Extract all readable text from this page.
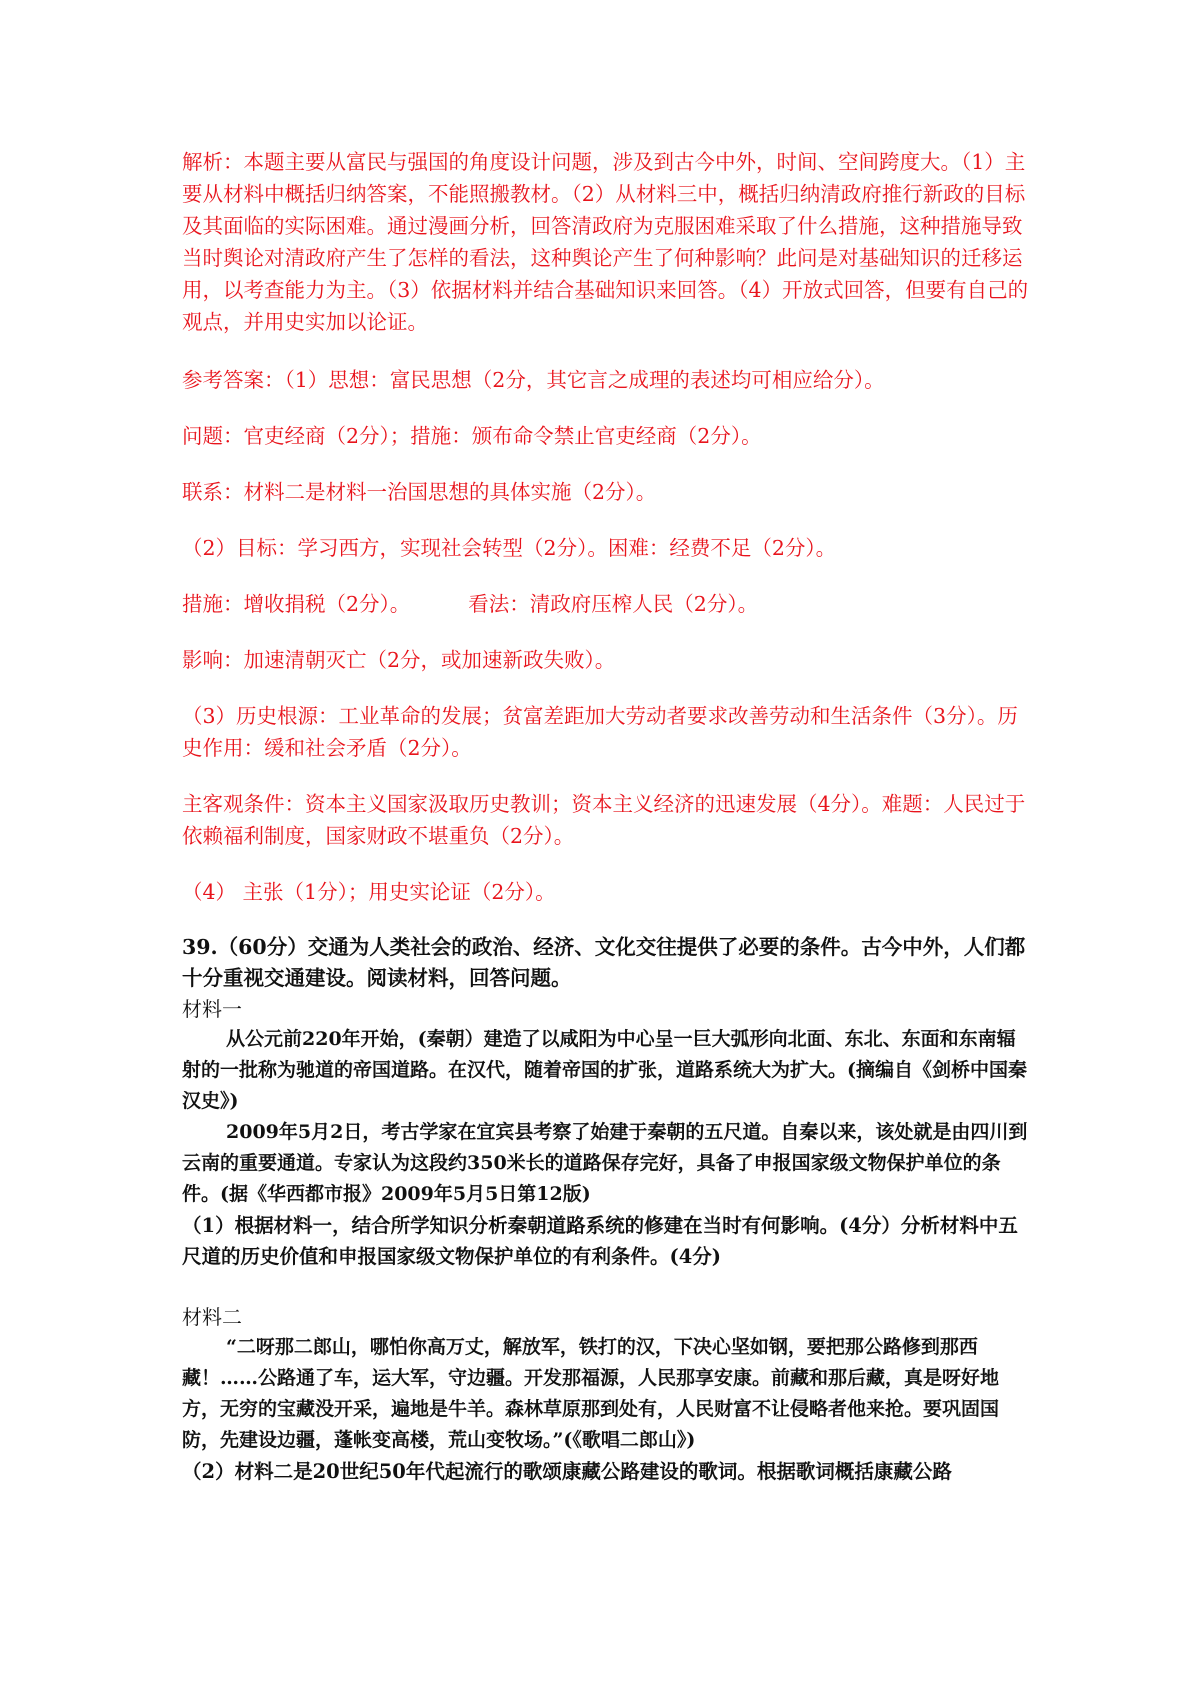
解析：本题主要从富民与强国的角度设计问题，涉及到古今中外，时间、空间跨度大。（1）主要从材料中概括归纳答案，不能照搬教材。（2）从材料三中，概括归纳清政府推行新政的目标及其面临的实际困难。通过漫画分析，回答清政府为克服困难采取了什么措施，这种措施导致当时舆论对清政府产生了怎样的看法，这种舆论产生了何种影响？此问是对基础知识的迁移运用，以考查能力为主。（3）依据材料并结合基础知识来回答。（4）开放式回答，但要有自己的观点，并用史实加以论证。

参考答案：（1）思想：富民思想（2分，其它言之成理的表述均可相应给分）。

问题：官吏经商（2分）；措施：颁布命令禁止官吏经商（2分）。

联系：材料二是材料一治国思想的具体实施（2分）。

（2）目标：学习西方，实现社会转型（2分）。困难：经费不足（2分）。

措施：增收捐税（2分）。	看法：清政府压榨人民（2分）。

影响：加速清朝灭亡（2分，或加速新政失败）。

（3）历史根源：工业革命的发展；贫富差距加大劳动者要求改善劳动和生活条件（3分）。历史作用：缓和社会矛盾（2分）。

主客观条件：资本主义国家汲取历史教训；资本主义经济的迅速发展（4分）。难题：人民过于依赖福利制度，国家财政不堪重负（2分）。

（4） 主张（1分）；用史实论证（2分）。

39.（60分）交通为人类社会的政治、经济、文化交往提供了必要的条件。古今中外，人们都十分重视交通建设。阅读材料，回答问题。

材料一

从公元前220年开始，(秦朝）建造了以咸阳为中心呈一巨大弧形向北面、东北、东面和东南辐射的一批称为驰道的帝国道路。在汉代，随着帝国的扩张，道路系统大为扩大。(摘编自《剑桥中国秦汉史》)

2009年5月2日，考古学家在宜宾县考察了始建于秦朝的五尺道。自秦以来，该处就是由四川到云南的重要通道。专家认为这段约350米长的道路保存完好，具备了申报国家级文物保护单位的条件。(据《华西都市报》2009年5月5日第12版)

（1）根据材料一，结合所学知识分析秦朝道路系统的修建在当时有何影响。(4分）分析材料中五尺道的历史价值和申报国家级文物保护单位的有利条件。(4分)

材料二

“二呀那二郎山，哪怕你高万丈，解放军，铁打的汉，下决心坚如钢，要把那公路修到那西藏！……公路通了车，运大军，守边疆。开发那福源，人民那享安康。前藏和那后藏，真是呀好地方，无穷的宝藏没开采，遍地是牛羊。森林草原那到处有，人民财富不让侵略者他来抢。要巩固国防，先建设边疆，蓬帐变高楼，荒山变牧场。”(《歌唱二郎山》)

（2）材料二是20世纪50年代起流行的歌颂康藏公路建设的歌词。根据歌词概括康藏公路
